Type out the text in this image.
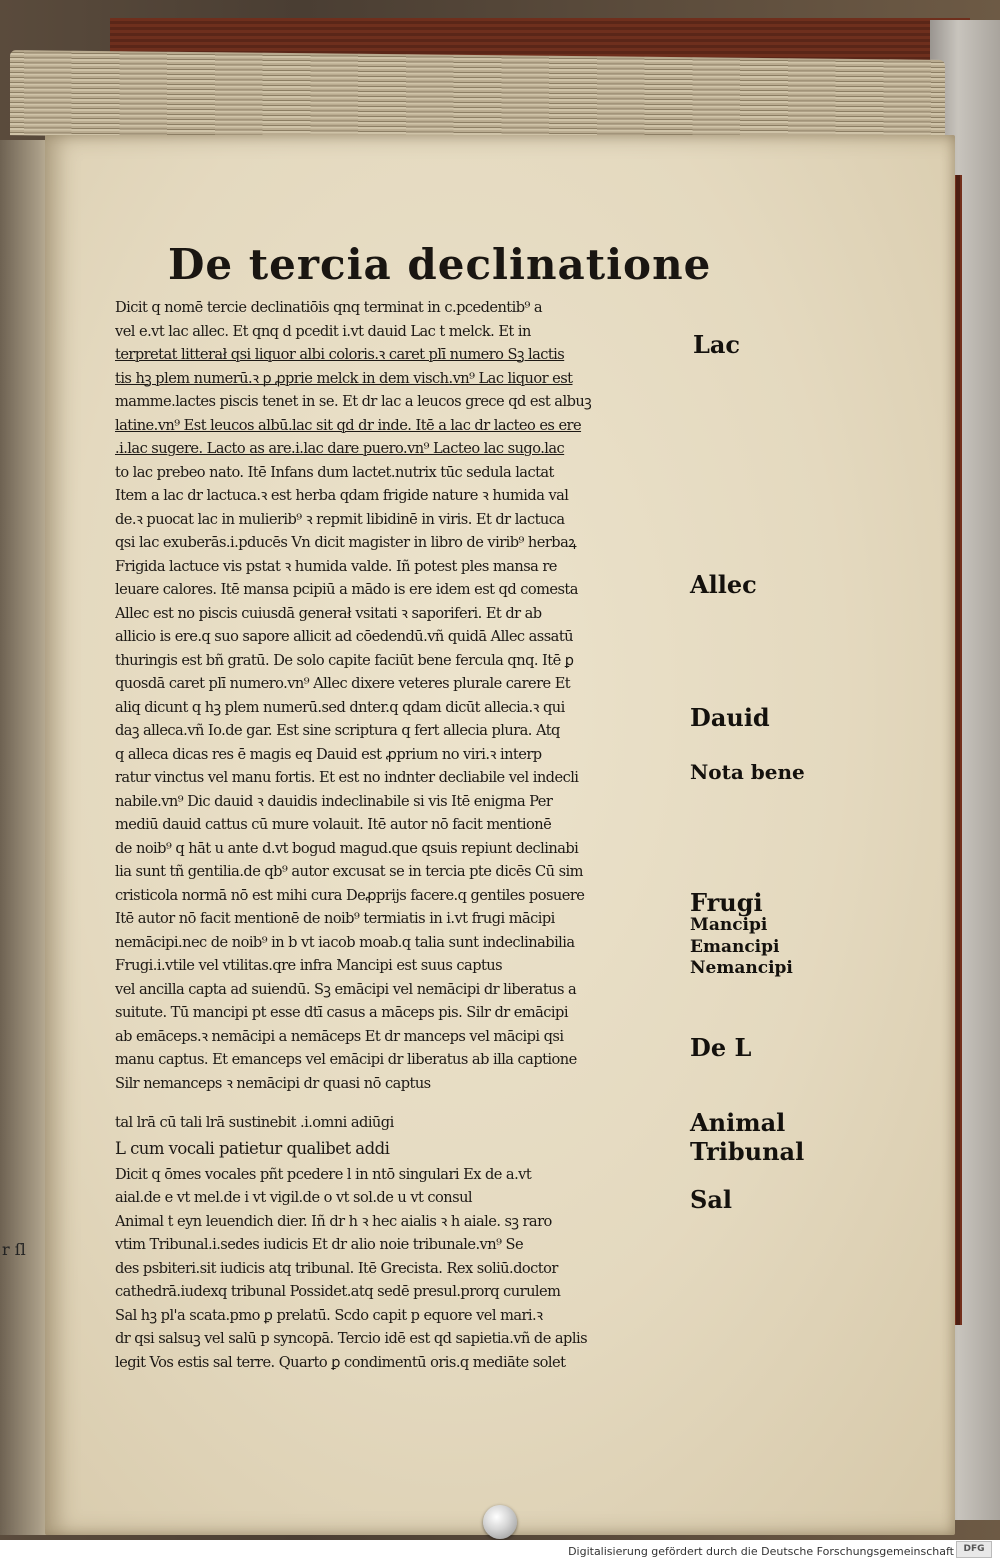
r ſl
De tercia declinatione
Dicit q nomē tercie declinatiōis qnq terminat in c.pcedentib⁹ a
vel e.vt lac allec. Et qnq d pcedit i.vt dauid Lac t melck. Et in
terpretat litterał qsi liquor albi coloris.ꝛ caret plī numero Sꝫ lactis
tis hꝫ plem numerū.ꝛ ꝑ ꝓprie melck in dem visch.vn⁹ Lac liquor est
mamme.lactes piscis tenet in se. Et dr lac a leucos grece qd est albuꝫ
latine.vn⁹ Est leucos albū.lac sit qd dr inde. Itē a lac dr lacteo es ere
.i.lac sugere. Lacto as are.i.lac dare puero.vn⁹ Lacteo lac sugo.lac
to lac prebeo nato. Itē Infans dum lactet.nutrix tūc sedula lactat
Item a lac dr lactuca.ꝛ est herba qdam frigide nature ꝛ humida val
de.ꝛ puocat lac in mulierib⁹ ꝛ repmit libidinē in viris. Et dr lactuca
qsi lac exuberās.i.pducēs Vn dicit magister in libro de virib⁹ herbaꝝ
Frigida lactuce vis pstat ꝛ humida valde. Iñ potest ples mansa re
leuare calores. Itē mansa pcipiū a mādo is ere idem est qd comesta
Allec est no piscis cuiusdā generał vsitati ꝛ saporiferi. Et dr ab
allicio is ere.q suo sapore allicit ad cōedendū.vñ quidā Allec assatū
thuringis est bñ gratū. De solo capite faciūt bene fercula qnq. Itē ꝑ
quosdā caret plī numero.vn⁹ Allec dixere veteres plurale carere Et
aliq dicunt q hꝫ plem numerū.sed dnter.q qdam dicūt allecia.ꝛ qui
daꝫ alleca.vñ Io.de gar. Est sine scriptura q fert allecia plura. Atq
q alleca dicas res ē magis eq Dauid est ꝓprium no viri.ꝛ interp
ratur vinctus vel manu fortis. Et est no indnter decliabile vel indecli
nabile.vn⁹ Dic dauid ꝛ dauidis indeclinabile si vis Itē enigma Per
mediū dauid cattus cū mure volauit. Itē autor nō facit mentionē
de noib⁹ q hāt u ante d.vt bogud magud.que qsuis repiunt declinabi
lia sunt tñ gentilia.de qb⁹ autor excusat se in tercia pte dicēs Cū sim
cristicola normā nō est mihi cura Deꝓprijs facere.q gentiles posuere
Itē autor nō facit mentionē de noib⁹ termiatis in i.vt frugi mācipi
nemācipi.nec de noib⁹ in b vt iacob moab.q talia sunt indeclinabilia
Frugi.i.vtile vel vtilitas.qre infra Mancipi est suus captus
vel ancilla capta ad suiendū. Sꝫ emācipi vel nemācipi dr liberatus a
suitute. Tū mancipi pt esse dtī casus a māceps pis. Silr dr emācipi
ab emāceps.ꝛ nemācipi a nemāceps Et dr manceps vel mācipi qsi
manu captus. Et emanceps vel emācipi dr liberatus ab illa captione
Silr nemanceps ꝛ nemācipi dr quasi nō captus
tal lrā cū tali lrā sustinebit .i.omni adiūgi
L cum vocali patietur qualibet addi
Dicit q ōmes vocales pñt pcedere l in ntō singulari Ex de a.vt
aial.de e vt mel.de i vt vigil.de o vt sol.de u vt consul
Animal t eyn leuendich dier. Iñ dr h ꝛ hec aialis ꝛ h aiale. sꝫ raro
vtim Tribunal.i.sedes iudicis Et dr alio noie tribunale.vn⁹ Se
des psbiteri.sit iudicis atq tribunal. Itē Grecista. Rex soliū.doctor
cathedrā.iudexq tribunal Possidet.atq sedē presul.prorq curulem
Sal hꝫ pl'a scata.pmo ꝑ prelatū. Scdo capit p equore vel mari.ꝛ
dr qsi salsuꝫ vel salū p syncopā. Tercio idē est qd sapietia.vñ de aplis
legit Vos estis sal terre. Quarto ꝑ condimentū oris.q mediāte solet
Lac
Allec
Dauid
Nota bene
Frugi
Mancipi
Emancipi
Nemancipi
De L
Animal
Tribunal
Sal
Digitalisierung gefördert durch die Deutsche Forschungsgemeinschaft	DFG
